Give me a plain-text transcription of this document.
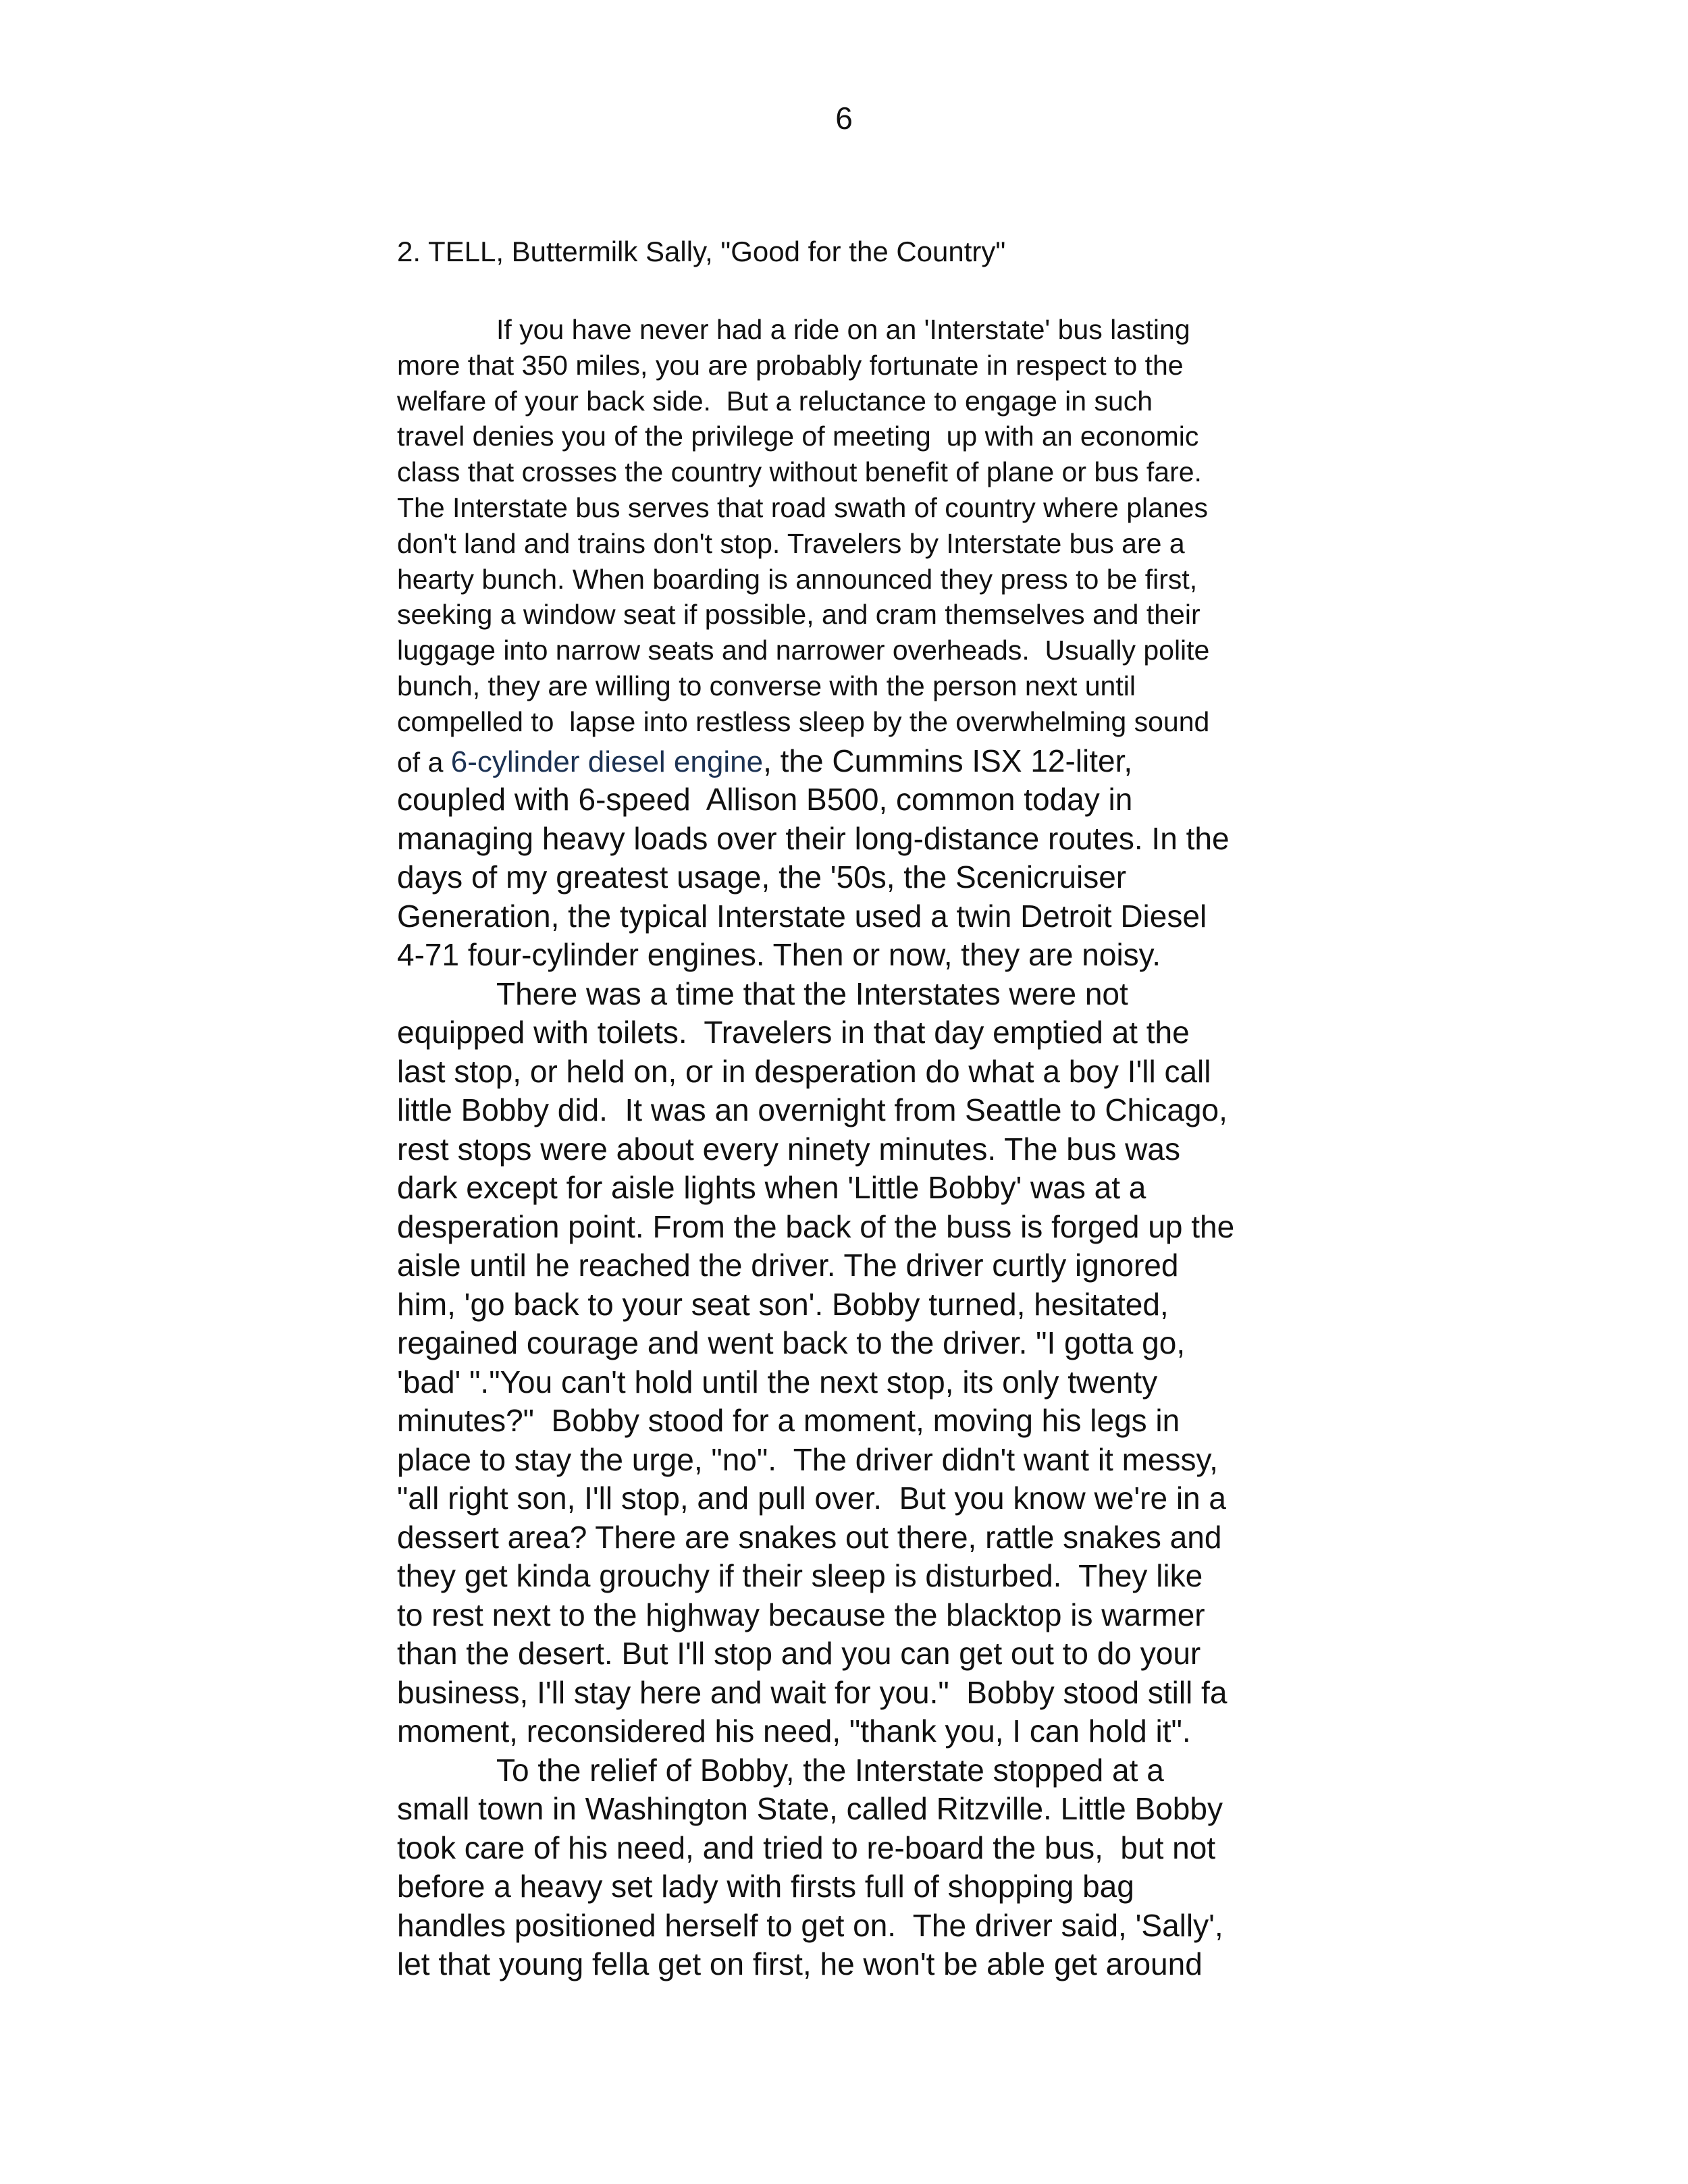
6
2. TELL, Buttermilk Sally, "Good for the Country"
If you have never had a ride on an 'Interstate' bus lasting
more that 350 miles, you are probably fortunate in respect to the
welfare of your back side.  But a reluctance to engage in such
travel denies you of the privilege of meeting  up with an economic
class that crosses the country without benefit of plane or bus fare.
The Interstate bus serves that road swath of country where planes
don't land and trains don't stop. Travelers by Interstate bus are a
hearty bunch. When boarding is announced they press to be first,
seeking a window seat if possible, and cram themselves and their
luggage into narrow seats and narrower overheads.  Usually polite
bunch, they are willing to converse with the person next until
compelled to  lapse into restless sleep by the overwhelming sound
of a 6-cylinder diesel engine, the Cummins ISX 12-liter,
coupled with 6-speed  Allison B500, common today in
managing heavy loads over their long-distance routes. In the
days of my greatest usage, the '50s, the Scenicruiser
Generation, the typical Interstate used a twin Detroit Diesel
4-71 four-cylinder engines. Then or now, they are noisy.
There was a time that the Interstates were not
equipped with toilets.  Travelers in that day emptied at the
last stop, or held on, or in desperation do what a boy I'll call
little Bobby did.  It was an overnight from Seattle to Chicago,
rest stops were about every ninety minutes. The bus was
dark except for aisle lights when 'Little Bobby' was at a
desperation point. From the back of the buss is forged up the
aisle until he reached the driver. The driver curtly ignored
him, 'go back to your seat son'. Bobby turned, hesitated,
regained courage and went back to the driver. "I gotta go,
'bad' "."You can't hold until the next stop, its only twenty
minutes?"  Bobby stood for a moment, moving his legs in
place to stay the urge, "no".  The driver didn't want it messy,
"all right son, I'll stop, and pull over.  But you know we're in a
dessert area? There are snakes out there, rattle snakes and
they get kinda grouchy if their sleep is disturbed.  They like
to rest next to the highway because the blacktop is warmer
than the desert. But I'll stop and you can get out to do your
business, I'll stay here and wait for you."  Bobby stood still fa
moment, reconsidered his need, "thank you, I can hold it".
To the relief of Bobby, the Interstate stopped at a
small town in Washington State, called Ritzville. Little Bobby
took care of his need, and tried to re-board the bus,  but not
before a heavy set lady with firsts full of shopping bag
handles positioned herself to get on.  The driver said, 'Sally',
let that young fella get on first, he won't be able get around
